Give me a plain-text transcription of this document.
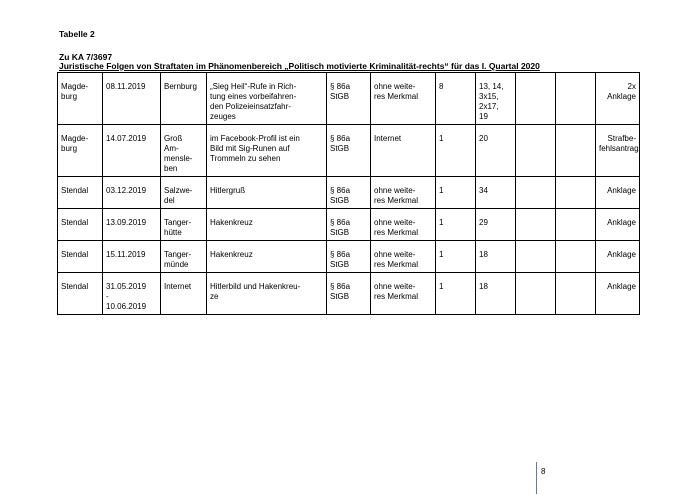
Tabelle 2
Zu KA 7/3697
Juristische Folgen von Straftaten im Phänomenbereich „Politisch motivierte Kriminalität-rechts“ für das I. Quartal 2020
Magde-
burg	08.11.2019	Bernburg	„Sieg Heil“-Rufe in Rich-
tung eines vorbeifahren-
den Polizeieinsatzfahr-
zeuges	§ 86a
StGB	ohne weite-
res Merkmal	8	13, 14,
3x15,
2x17,
19			2x Anklage
Magde-
burg	14.07.2019	Groß
Am-
mensle-
ben	im Facebook-Profil ist ein
Bild mit Sig-Runen auf
Trommeln zu sehen	§ 86a
StGB	Internet	1	20			Strafbe-
fehlsantrag
Stendal	03.12.2019	Salzwe-
del	Hitlergruß	§ 86a
StGB	ohne weite-
res Merkmal	1	34			Anklage
Stendal	13.09.2019	Tanger-
hütte	Hakenkreuz	§ 86a
StGB	ohne weite-
res Merkmal	1	29			Anklage
Stendal	15.11.2019	Tanger-
münde	Hakenkreuz	§ 86a
StGB	ohne weite-
res Merkmal	1	18			Anklage
Stendal	31.05.2019
-
10.06.2019	Internet	Hitlerbild und Hakenkreu-
ze	§ 86a
StGB	ohne weite-
res Merkmal	1	18			Anklage
8
